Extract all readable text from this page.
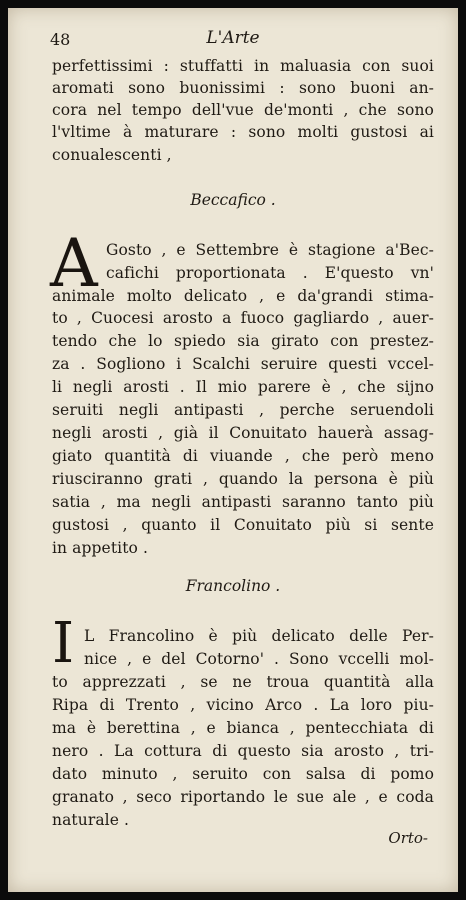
48	L'Arte
perfettissimi : stuffatti in maluasia con suoi
aromati sono buonissimi : sono buoni an-
cora nel tempo dell'vue de'monti , che sono
l'vltime à maturare : sono molti gustosi ai
conualescenti ,
Beccafico .
A Gosto , e Settembre è stagione a'Bec-
cafichi proportionata . E'questo vn'
animale molto delicato , e da'grandi stima-
to , Cuocesi arosto a fuoco gagliardo , auer-
tendo che lo spiedo sia girato con prestez-
za . Sogliono i Scalchi seruire questi vccel-
li negli arosti . Il mio parere è , che sijno
seruiti negli antipasti , perche seruendoli
negli arosti , già il Conuitato hauerà assag-
giato quantità di viuande , che però meno
riusciranno grati , quando la persona è più
satia , ma negli antipasti saranno tanto più
gustosi , quanto il Conuitato più si sente
in appetito .
Francolino .
I L Francolino è più delicato delle Per-
nice , e del Cotorno' . Sono vccelli mol-
to apprezzati , se ne troua quantità alla
Ripa di Trento , vicino Arco . La loro piu-
ma è berettina , e bianca , pentecchiata di
nero . La cottura di questo sia arosto , tri-
dato minuto , seruito con salsa di pomo
granato , seco riportando le sue ale , e coda
naturale .
Orto-
